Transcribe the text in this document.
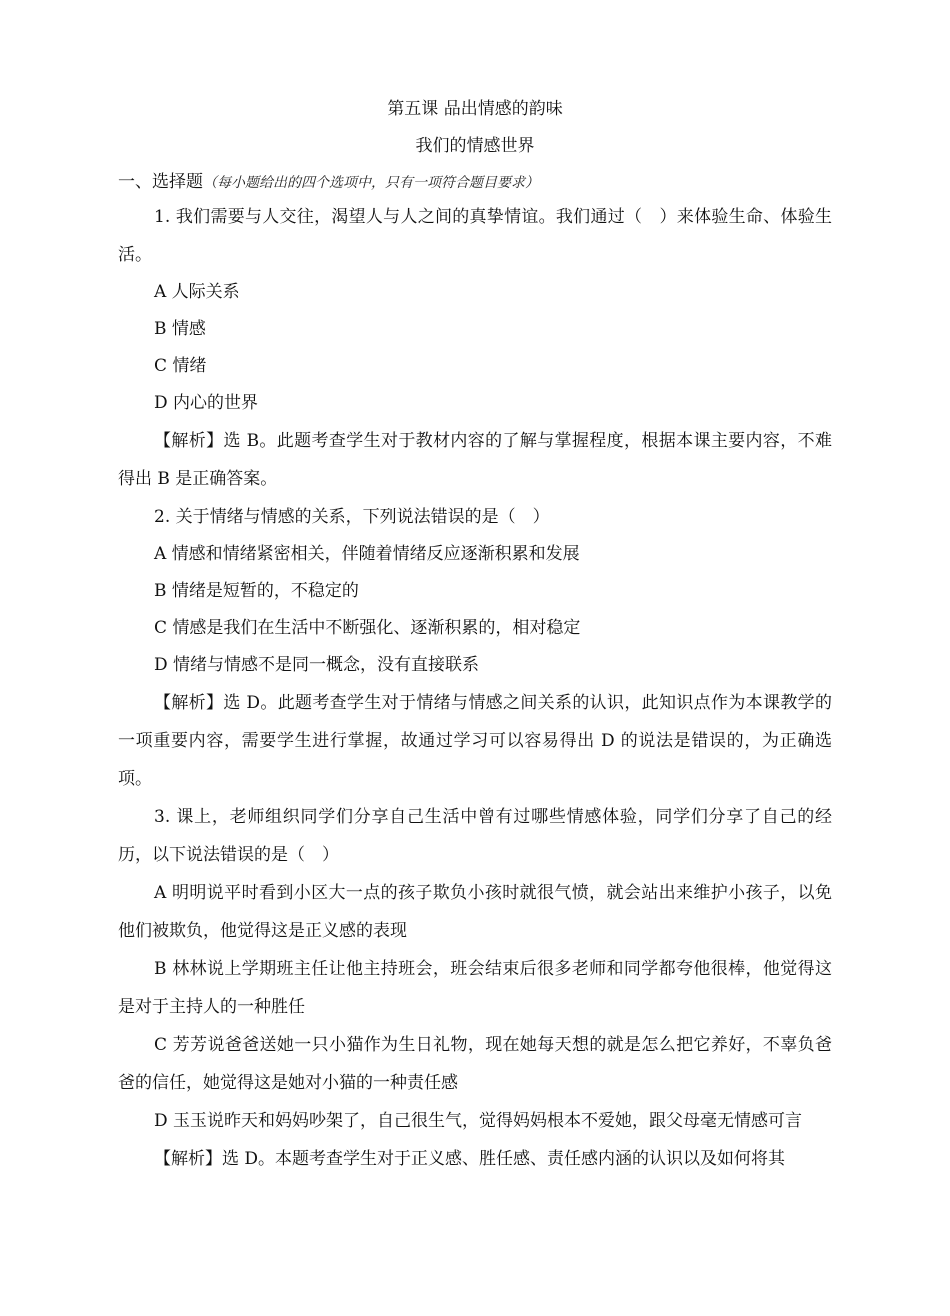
第五课 品出情感的韵味

我们的情感世界

一、选择题（每小题给出的四个选项中，只有一项符合题目要求）

1. 我们需要与人交往，渴望人与人之间的真挚情谊。我们通过（　）来体验生命、体验生活。

A 人际关系

B 情感

C 情绪

D 内心的世界

【解析】选 B。此题考查学生对于教材内容的了解与掌握程度，根据本课主要内容，不难得出 B 是正确答案。

2. 关于情绪与情感的关系，下列说法错误的是（　）

A 情感和情绪紧密相关，伴随着情绪反应逐渐积累和发展

B 情绪是短暂的，不稳定的

C 情感是我们在生活中不断强化、逐渐积累的，相对稳定

D 情绪与情感不是同一概念，没有直接联系

【解析】选 D。此题考查学生对于情绪与情感之间关系的认识，此知识点作为本课教学的一项重要内容，需要学生进行掌握，故通过学习可以容易得出 D 的说法是错误的，为正确选项。

3. 课上，老师组织同学们分享自己生活中曾有过哪些情感体验，同学们分享了自己的经历，以下说法错误的是（　）

A 明明说平时看到小区大一点的孩子欺负小孩时就很气愤，就会站出来维护小孩子，以免他们被欺负，他觉得这是正义感的表现

B 林林说上学期班主任让他主持班会，班会结束后很多老师和同学都夸他很棒，他觉得这是对于主持人的一种胜任

C 芳芳说爸爸送她一只小猫作为生日礼物，现在她每天想的就是怎么把它养好，不辜负爸爸的信任，她觉得这是她对小猫的一种责任感

D 玉玉说昨天和妈妈吵架了，自己很生气，觉得妈妈根本不爱她，跟父母毫无情感可言

【解析】选 D。本题考查学生对于正义感、胜任感、责任感内涵的认识以及如何将其
